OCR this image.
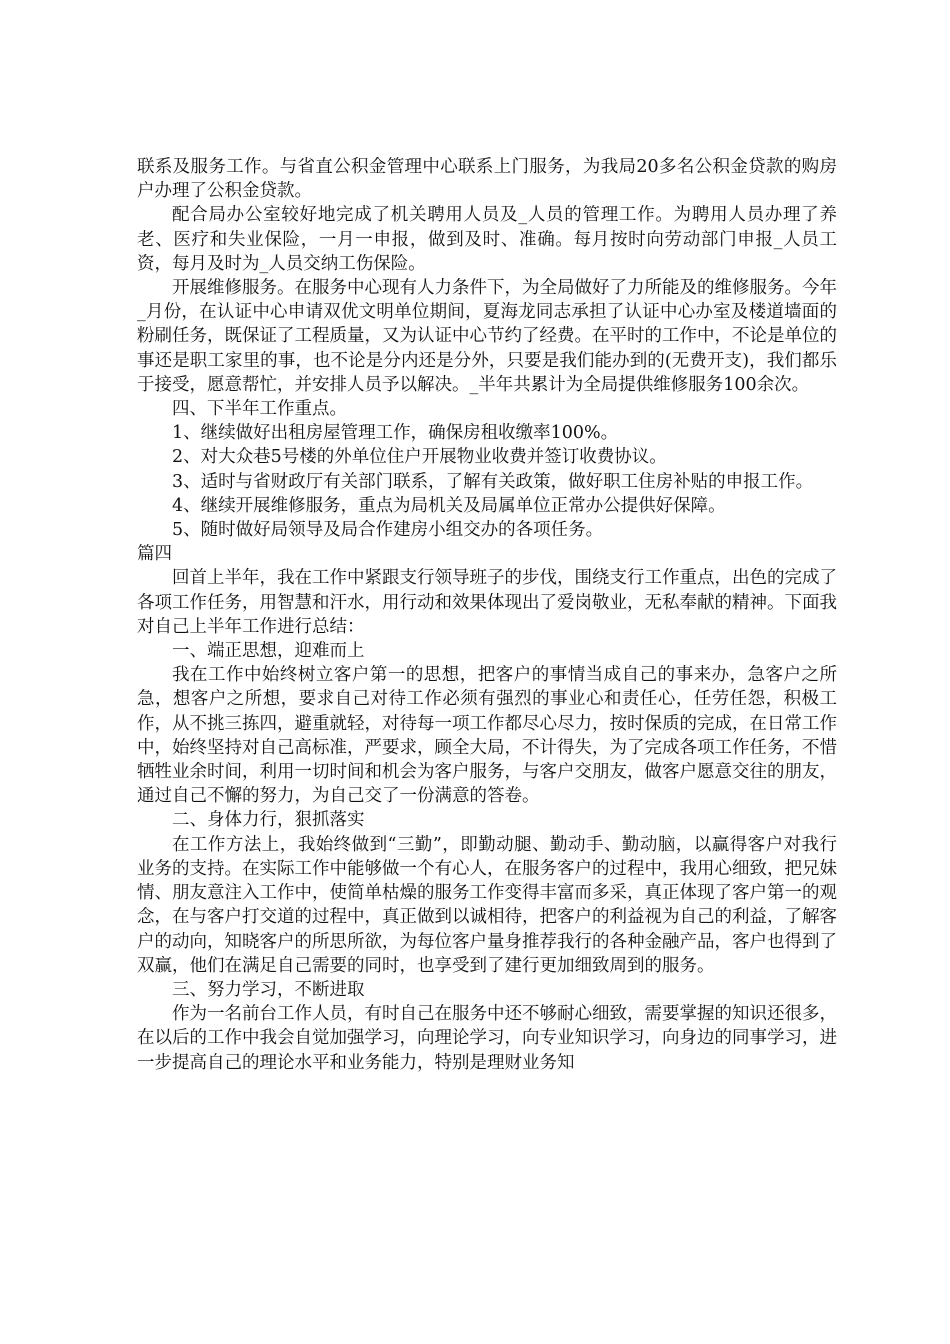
联系及服务工作。与省直公积金管理中心联系上门服务，为我局20多名公积金贷款的购房户办理了公积金贷款。

配合局办公室较好地完成了机关聘用人员及_人员的管理工作。为聘用人员办理了养老、医疗和失业保险，一月一申报，做到及时、准确。每月按时向劳动部门申报_人员工资，每月及时为_人员交纳工伤保险。

开展维修服务。在服务中心现有人力条件下，为全局做好了力所能及的维修服务。今年_月份，在认证中心申请双优文明单位期间，夏海龙同志承担了认证中心办室及楼道墙面的粉刷任务，既保证了工程质量，又为认证中心节约了经费。在平时的工作中，不论是单位的事还是职工家里的事，也不论是分内还是分外，只要是我们能办到的(无费开支)，我们都乐于接受，愿意帮忙，并安排人员予以解决。_半年共累计为全局提供维修服务100余次。

四、下半年工作重点。

1、继续做好出租房屋管理工作，确保房租收缴率100%。

2、对大众巷5号楼的外单位住户开展物业收费并签订收费协议。

3、适时与省财政厅有关部门联系，了解有关政策，做好职工住房补贴的申报工作。

4、继续开展维修服务，重点为局机关及局属单位正常办公提供好保障。

5、随时做好局领导及局合作建房小组交办的各项任务。

篇四

回首上半年，我在工作中紧跟支行领导班子的步伐，围绕支行工作重点，出色的完成了各项工作任务，用智慧和汗水，用行动和效果体现出了爱岗敬业，无私奉献的精神。下面我对自己上半年工作进行总结：

一、端正思想，迎难而上

我在工作中始终树立客户第一的思想，把客户的事情当成自己的事来办，急客户之所急，想客户之所想，要求自己对待工作必须有强烈的事业心和责任心，任劳任怨，积极工作，从不挑三拣四，避重就轻，对待每一项工作都尽心尽力，按时保质的完成，在日常工作中，始终坚持对自己高标准，严要求，顾全大局，不计得失，为了完成各项工作任务，不惜牺牲业余时间，利用一切时间和机会为客户服务，与客户交朋友，做客户愿意交往的朋友，通过自己不懈的努力，为自己交了一份满意的答卷。

二、身体力行，狠抓落实

在工作方法上，我始终做到“三勤”，即勤动腿、勤动手、勤动脑，以赢得客户对我行业务的支持。在实际工作中能够做一个有心人，在服务客户的过程中，我用心细致，把兄妹情、朋友意注入工作中，使简单枯燥的服务工作变得丰富而多采，真正体现了客户第一的观念，在与客户打交道的过程中，真正做到以诚相待，把客户的利益视为自己的利益，了解客户的动向，知晓客户的所思所欲，为每位客户量身推荐我行的各种金融产品，客户也得到了双赢，他们在满足自己需要的同时，也享受到了建行更加细致周到的服务。

三、努力学习，不断进取

作为一名前台工作人员，有时自己在服务中还不够耐心细致，需要掌握的知识还很多，在以后的工作中我会自觉加强学习，向理论学习，向专业知识学习，向身边的同事学习，进一步提高自己的理论水平和业务能力，特别是理财业务知
